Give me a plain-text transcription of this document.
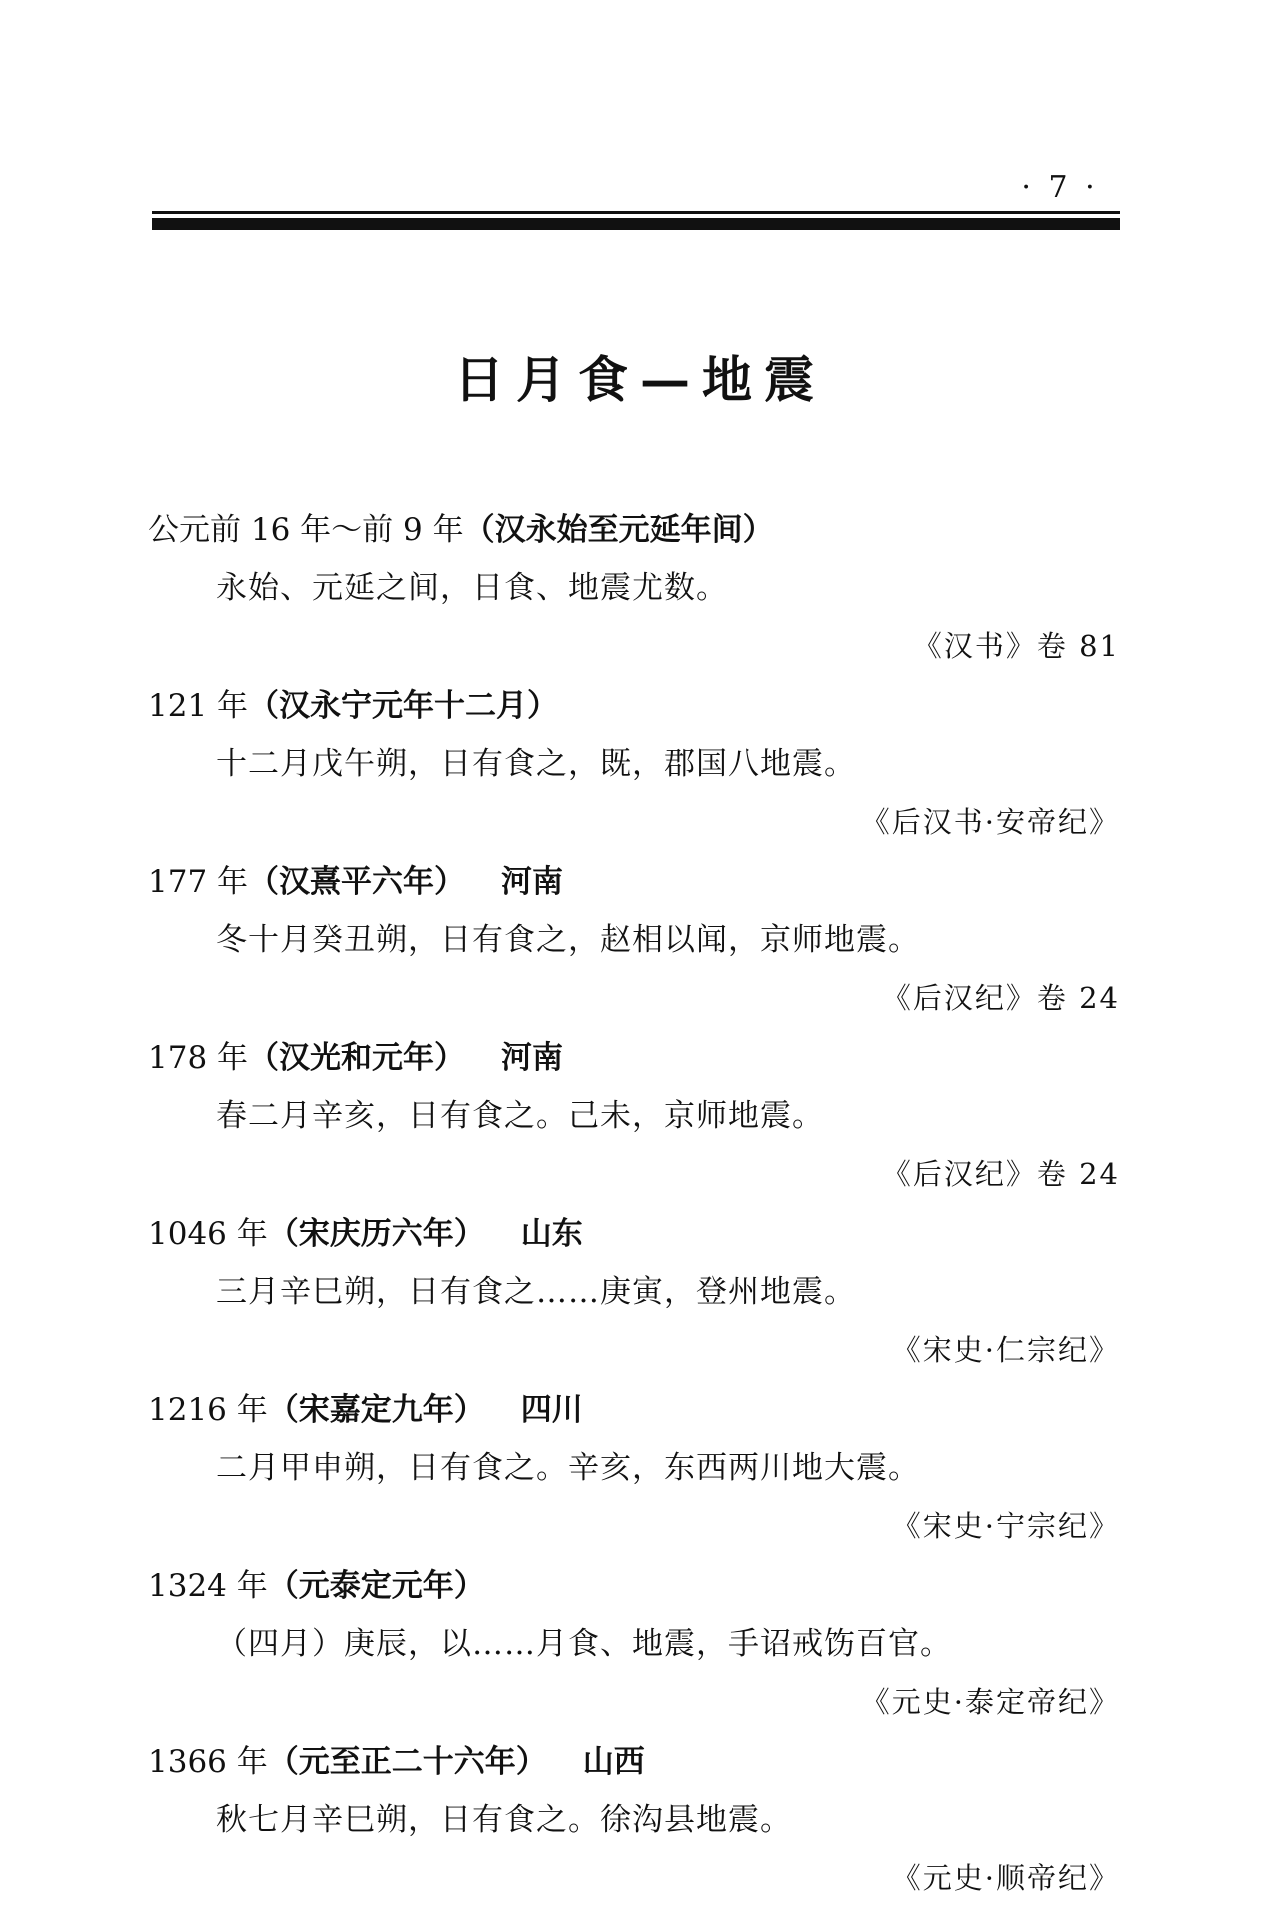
· 7 ·
日月食—地震
公元前 16 年～前 9 年（汉永始至元延年间）
永始、元延之间，日食、地震尤数。
《汉书》卷 81
121 年（汉永宁元年十二月）
十二月戊午朔，日有食之，既，郡国八地震。
《后汉书·安帝纪》
177 年（汉熹平六年） 河南
冬十月癸丑朔，日有食之，赵相以闻，京师地震。
《后汉纪》卷 24
178 年（汉光和元年） 河南
春二月辛亥，日有食之。己未，京师地震。
《后汉纪》卷 24
1046 年（宋庆历六年） 山东
三月辛巳朔，日有食之……庚寅，登州地震。
《宋史·仁宗纪》
1216 年（宋嘉定九年） 四川
二月甲申朔，日有食之。辛亥，东西两川地大震。
《宋史·宁宗纪》
1324 年（元泰定元年）
（四月）庚辰，以……月食、地震，手诏戒饬百官。
《元史·泰定帝纪》
1366 年（元至正二十六年） 山西
秋七月辛巳朔，日有食之。徐沟县地震。
《元史·顺帝纪》
